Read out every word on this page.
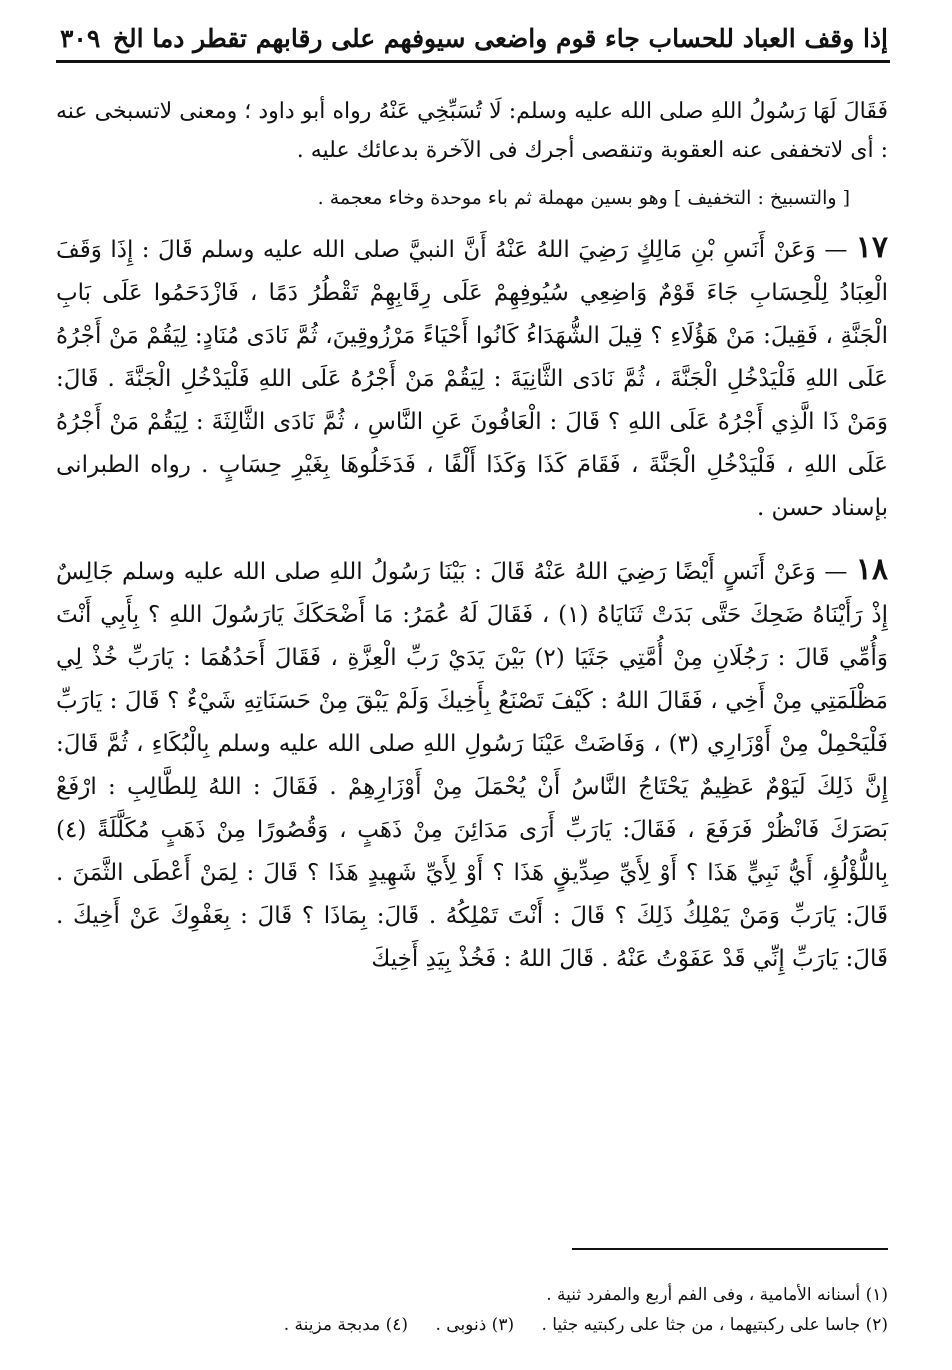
إذا وقف العباد للحساب جاء قوم واضعى سيوفهم على رقابهم تقطر دما الخ
٣٠٩

فَقَالَ لَهَا رَسُولُ اللهِ صلى الله عليه وسلم: لَا تُسَبِّخِي عَنْهُ رواه أبو داود ؛ ومعنى لاتسبخى عنه : أى لاتخففى عنه العقوبة وتنقصى أجرك فى الآخرة بدعائك عليه .

[ والتسبيخ : التخفيف ] وهو بسين مهملة ثم باء موحدة وخاء معجمة .

١٧ — وَعَنْ أَنَسِ بْنِ مَالِكٍ رَضِيَ اللهُ عَنْهُ أَنَّ النبيَّ صلى الله عليه وسلم قَالَ : إِذَا وَقَفَ الْعِبَادُ لِلْحِسَابِ جَاءَ قَوْمٌ وَاضِعِي سُيُوفِهِمْ عَلَى رِقَابِهِمْ تَقْطُرُ دَمًا ، فَازْدَحَمُوا عَلَى بَابِ الْجَنَّةِ ، فَقِيلَ: مَنْ هَؤُلَاءِ ؟ قِيلَ الشُّهَدَاءُ كَانُوا أَحْيَاءً مَرْزُوقِينَ، ثُمَّ نَادَى مُنَادٍ: لِيَقُمْ مَنْ أَجْرُهُ عَلَى اللهِ فَلْيَدْخُلِ الْجَنَّةَ ، ثُمَّ نَادَى الثَّانِيَةَ : لِيَقُمْ مَنْ أَجْرُهُ عَلَى اللهِ فَلْيَدْخُلِ الْجَنَّةَ . قَالَ: وَمَنْ ذَا الَّذِي أَجْرُهُ عَلَى اللهِ ؟ قَالَ : الْعَافُونَ عَنِ النَّاسِ ، ثُمَّ نَادَى الثَّالِثَةَ : لِيَقُمْ مَنْ أَجْرُهُ عَلَى اللهِ ، فَلْيَدْخُلِ الْجَنَّةَ ، فَقَامَ كَذَا وَكَذَا أَلْفًا ، فَدَخَلُوهَا بِغَيْرِ حِسَابٍ . رواه الطبرانى بإسناد حسن .

١٨ — وَعَنْ أَنَسٍ أَيْضًا رَضِيَ اللهُ عَنْهُ قَالَ : بَيْنَا رَسُولُ اللهِ صلى الله عليه وسلم جَالِسٌ إِذْ رَأَيْنَاهُ ضَحِكَ حَتَّى بَدَتْ ثَنَايَاهُ (١) ، فَقَالَ لَهُ عُمَرُ: مَا أَضْحَكَكَ يَارَسُولَ اللهِ ؟ بِأَبِي أَنْتَ وَأُمِّي قَالَ : رَجُلَانِ مِنْ أُمَّتِي جَثَيَا (٢) بَيْنَ يَدَيْ رَبِّ الْعِزَّةِ ، فَقَالَ أَحَدُهُمَا : يَارَبِّ خُذْ لِي مَظْلَمَتِي مِنْ أَخِي ، فَقَالَ اللهُ : كَيْفَ تَصْنَعُ بِأَخِيكَ وَلَمْ يَبْقَ مِنْ حَسَنَاتِهِ شَيْءٌ ؟ قَالَ : يَارَبِّ فَلْيَحْمِلْ مِنْ أَوْزَارِي (٣) ، وَفَاضَتْ عَيْنَا رَسُولِ اللهِ صلى الله عليه وسلم بِالْبُكَاءِ ، ثُمَّ قَالَ: إِنَّ ذَلِكَ لَيَوْمٌ عَظِيمٌ يَحْتَاجُ النَّاسُ أَنْ يُحْمَلَ مِنْ أَوْزَارِهِمْ . فَقَالَ : اللهُ لِلطَّالِبِ : ارْفَعْ بَصَرَكَ فَانْظُرْ فَرَفَعَ ، فَقَالَ: يَارَبِّ أَرَى مَدَائِنَ مِنْ ذَهَبٍ ، وَقُصُورًا مِنْ ذَهَبٍ مُكَلَّلَةً (٤) بِاللُّؤْلُؤِ، أَيُّ نَبِيٍّ هَذَا ؟ أَوْ لِأَيِّ صِدِّيقٍ هَذَا ؟ أَوْ لِأَيِّ شَهِيدٍ هَذَا ؟ قَالَ : لِمَنْ أَعْطَى الثَّمَنَ . قَالَ: يَارَبِّ وَمَنْ يَمْلِكُ ذَلِكَ ؟ قَالَ : أَنْتَ تَمْلِكُهُ . قَالَ: بِمَاذَا ؟ قَالَ : بِعَفْوِكَ عَنْ أَخِيكَ . قَالَ: يَارَبِّ إِنِّي قَدْ عَفَوْتُ عَنْهُ . قَالَ اللهُ : فَخُذْ بِيَدِ أَخِيكَ

(١) أسنانه الأمامية ، وفى الفم أربع والمفرد ثنية .
(٢) جاسا على ركبتيهما ، من جثا على ركبتيه جثيا . (٣) ذنوبى . (٤) مدبجة مزينة .
